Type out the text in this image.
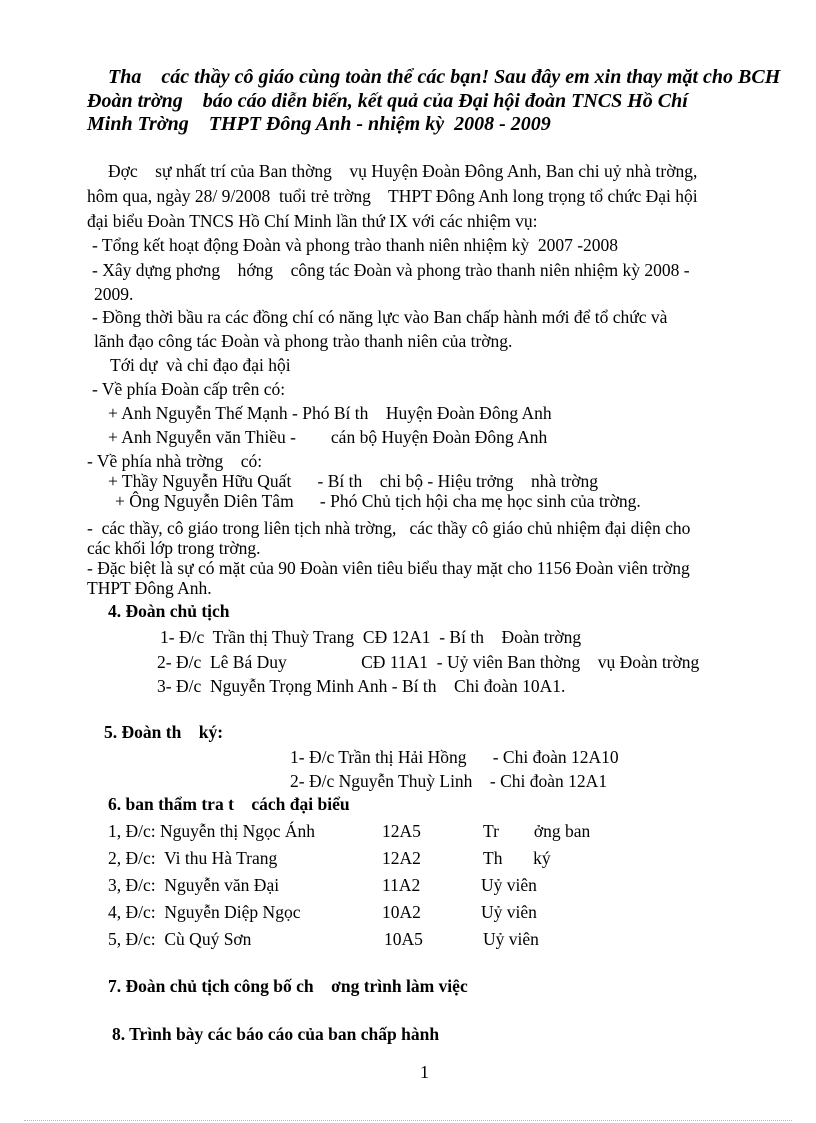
Tha    các thầy cô giáo cùng toàn thể các bạn! Sau đây em xin thay mặt cho BCH
Đoàn trờng    báo cáo diễn biến, kết quả của Đại hội đoàn TNCS Hồ Chí
Minh Trờng    THPT Đông Anh - nhiệm kỳ  2008 - 2009
Đợc    sự nhất trí của Ban thờng    vụ Huyện Đoàn Đông Anh, Ban chi uỷ nhà trờng,
hôm qua, ngày 28/ 9/2008  tuổi trẻ trờng    THPT Đông Anh long trọng tổ chức Đại hội
đại biểu Đoàn TNCS Hồ Chí Minh lần thứ IX với các nhiệm vụ:
- Tổng kết hoạt động Đoàn và phong trào thanh niên nhiệm kỳ  2007 -2008
- Xây dựng phơng    hớng    công tác Đoàn và phong trào thanh niên nhiệm kỳ 2008 -
2009.
- Đồng thời bầu ra các đồng chí có năng lực vào Ban chấp hành mới để tổ chức và
lãnh đạo công tác Đoàn và phong trào thanh niên của trờng.
Tới dự  và chỉ đạo đại hội
- Về phía Đoàn cấp trên có:
+ Anh Nguyễn Thế Mạnh - Phó Bí th    Huyện Đoàn Đông Anh
+ Anh Nguyễn văn Thiều -        cán bộ Huyện Đoàn Đông Anh
- Về phía nhà trờng    có:
+ Thầy Nguyễn Hữu Quất      - Bí th    chi bộ - Hiệu trởng    nhà trờng
+ Ông Nguyễn Diên Tâm      - Phó Chủ tịch hội cha mẹ học sinh của trờng.
-  các thầy, cô giáo trong liên tịch nhà trờng,   các thầy cô giáo chủ nhiệm đại diện cho
các khối lớp trong trờng.
- Đặc biệt là sự có mặt của 90 Đoàn viên tiêu biểu thay mặt cho 1156 Đoàn viên trờng
THPT Đông Anh.
4. Đoàn chủ tịch
1- Đ/c  Trần thị Thuỳ Trang  CĐ 12A1  - Bí th    Đoàn trờng
2- Đ/c  Lê Bá Duy                 CĐ 11A1  - Uỷ viên Ban thờng    vụ Đoàn trờng
3- Đ/c  Nguyễn Trọng Minh Anh - Bí th    Chi đoàn 10A1.
5. Đoàn th    ký:
1- Đ/c Trần thị Hải Hồng      - Chi đoàn 12A10
2- Đ/c Nguyễn Thuỳ Linh    - Chi đoàn 12A1
6. ban thẩm tra t    cách đại biểu
1, Đ/c: Nguyễn thị Ngọc Ánh	12A5	Tr        ởng ban
2, Đ/c:  Vi thu Hà Trang	12A2	Th       ký
3, Đ/c:  Nguyễn văn Đại	11A2	Uỷ viên
4, Đ/c:  Nguyễn Diệp Ngọc	10A2	Uỷ viên
5, Đ/c:  Cù Quý Sơn	10A5	Uỷ viên
7. Đoàn chủ tịch công bố ch    ơng trình làm việc
8. Trình bày các báo cáo của ban chấp hành
1
